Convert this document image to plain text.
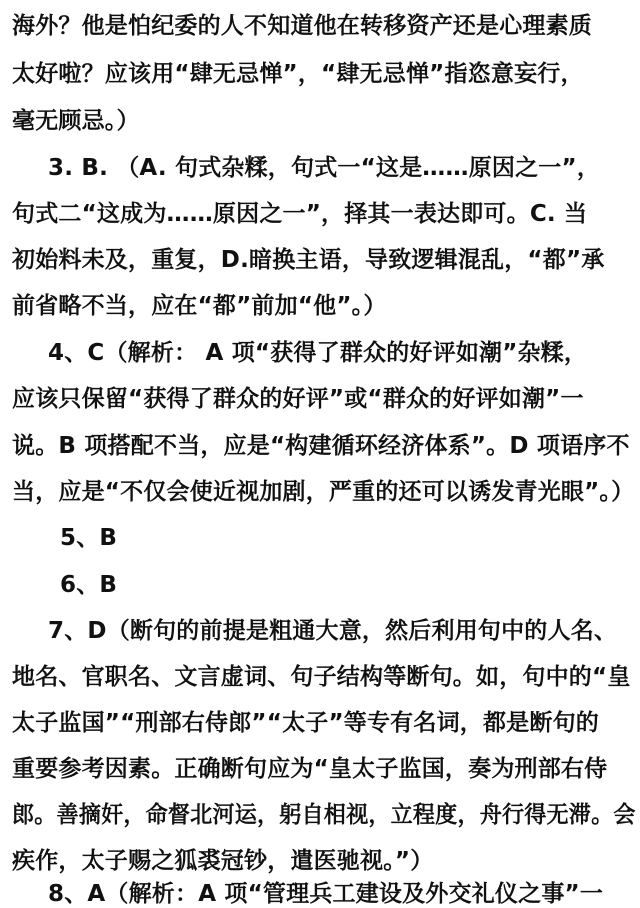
海外？他是怕纪委的人不知道他在转移资产还是心理素质
太好啦？应该用“肆无忌惮”，“肆无忌惮”指恣意妄行，
毫无顾忌。）
3. B. （A. 句式杂糅，句式一“这是……原因之一”，
句式二“这成为……原因之一”，择其一表达即可。C. 当
初始料未及，重复，D.暗换主语，导致逻辑混乱，“都”承
前省略不当，应在“都”前加“他”。）
4、C（解析： A 项“获得了群众的好评如潮”杂糅，
应该只保留“获得了群众的好评”或“群众的好评如潮”一
说。B 项搭配不当，应是“构建循环经济体系”。D 项语序不
当，应是“不仅会使近视加剧，严重的还可以诱发青光眼”。）
5、B
6、B
7、D（断句的前提是粗通大意，然后利用句中的人名、
地名、官职名、文言虚词、句子结构等断句。如，句中的“皇
太子监国”“刑部右侍郎”“太子”等专有名词，都是断句的
重要参考因素。正确断句应为“皇太子监国，奏为刑部右侍
郎。善摘奸，命督北河运，躬自相视，立程度，舟行得无滞。会
疾作，太子赐之狐裘冠钞，遣医驰视。”）
8、A（解析：A 项“管理兵工建设及外交礼仪之事”一
